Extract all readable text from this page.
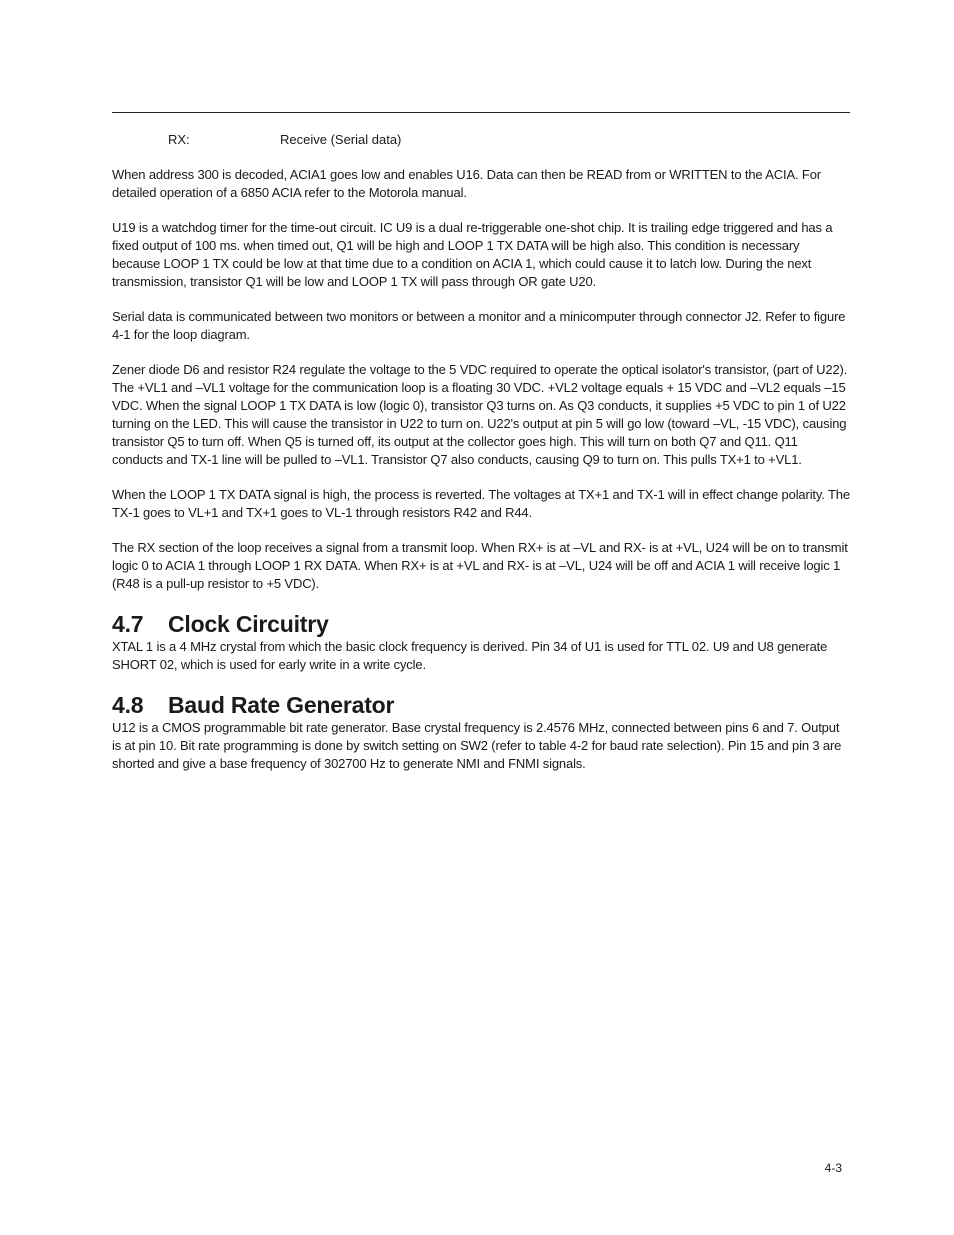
RX:	Receive (Serial data)

When address 300 is decoded, ACIA1 goes low and enables U16. Data can then be READ from or WRITTEN to the ACIA. For detailed operation of a 6850 ACIA refer to the Motorola manual.

U19 is a watchdog timer for the time-out circuit. IC U9 is a dual re-triggerable one-shot chip. It is trailing edge triggered and has a fixed output of 100 ms. when timed out, Q1 will be high and LOOP 1 TX DATA will be high also. This condition is necessary because LOOP 1 TX could be low at that time due to a condition on ACIA 1, which could cause it to latch low. During the next transmission, transistor Q1 will be low and LOOP 1 TX will pass through OR gate U20.

Serial data is communicated between two monitors or between a monitor and a minicomputer through connector J2. Refer to figure 4-1 for the loop diagram.

Zener diode D6 and resistor R24 regulate the voltage to the 5 VDC required to operate the optical isolator's transistor, (part of U22). The +VL1 and –VL1 voltage for the communication loop is a floating 30 VDC. +VL2 voltage equals + 15 VDC and –VL2 equals –15 VDC. When the signal LOOP 1 TX DATA is low (logic 0), transistor Q3 turns on. As Q3 conducts, it supplies +5 VDC to pin 1 of U22 turning on the LED. This will cause the transistor in U22 to turn on. U22's output at pin 5 will go low (toward –VL, -15 VDC), causing transistor Q5 to turn off. When Q5 is turned off, its output at the collector goes high. This will turn on both Q7 and Q11. Q11 conducts and TX-1 line will be pulled to –VL1. Transistor Q7 also conducts, causing Q9 to turn on. This pulls TX+1 to +VL1.

When the LOOP 1 TX DATA signal is high, the process is reverted. The voltages at TX+1 and TX-1 will in effect change polarity. The TX-1 goes to VL+1 and TX+1 goes to VL-1 through resistors R42 and R44.

The RX section of the loop receives a signal from a transmit loop. When RX+ is at –VL and RX- is at +VL, U24 will be on to transmit logic 0 to ACIA 1 through LOOP 1 RX DATA. When RX+ is at +VL and RX- is at –VL, U24 will be off and ACIA 1 will receive logic 1 (R48 is a pull-up resistor to +5 VDC).

4.7 Clock Circuitry

XTAL 1 is a 4 MHz crystal from which the basic clock frequency is derived. Pin 34 of U1 is used for TTL 02. U9 and U8 generate SHORT 02, which is used for early write in a write cycle.

4.8 Baud Rate Generator

U12 is a CMOS programmable bit rate generator. Base crystal frequency is 2.4576 MHz, connected between pins 6 and 7. Output is at pin 10. Bit rate programming is done by switch setting on SW2 (refer to table 4-2 for baud rate selection). Pin 15 and pin 3 are shorted and give a base frequency of 302700 Hz to generate NMI and FNMI signals.

4-3
